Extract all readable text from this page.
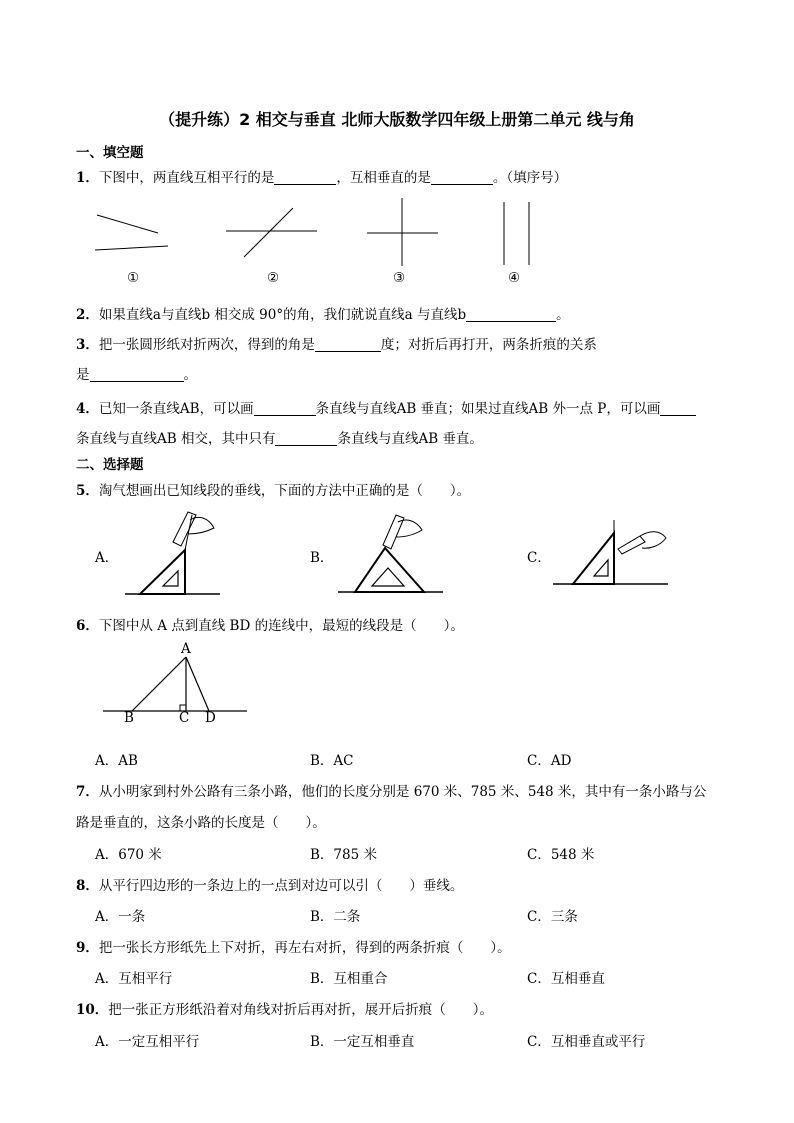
（提升练）2 相交与垂直 北师大版数学四年级上册第二单元 线与角
一、填空题
1．下图中，两直线互相平行的是	，互相垂直的是	。（填序号）
①	②	③	④
2．如果直线a与直线b 相交成 90°的角，我们就说直线a 与直线b	。
3．把一张圆形纸对折两次，得到的角是	度；对折后再打开，两条折痕的关系
是	。
4．已知一条直线AB，可以画	条直线与直线AB 垂直；如果过直线AB 外一点 P，可以画
条直线与直线AB 相交，其中只有	条直线与直线AB 垂直。
二、选择题
5．淘气想画出已知线段的垂线，下面的方法中正确的是（　　）。
A．	B．	C．
6．下图中从 A 点到直线 BD 的连线中，最短的线段是（　　）。
A
B	C D
A．AB	B．AC	C．AD
7．从小明家到村外公路有三条小路，他们的长度分别是 670 米、785 米、548 米，其中有一条小路与公
路是垂直的，这条小路的长度是（　　）。
A．670 米	B．785 米	C．548 米
8．从平行四边形的一条边上的一点到对边可以引（　　）垂线。
A．一条	B．二条	C．三条
9．把一张长方形纸先上下对折，再左右对折，得到的两条折痕（　　）。
A．互相平行	B．互相重合	C．互相垂直
10．把一张正方形纸沿着对角线对折后再对折，展开后折痕（　　）。
A．一定互相平行	B．一定互相垂直	C．互相垂直或平行
